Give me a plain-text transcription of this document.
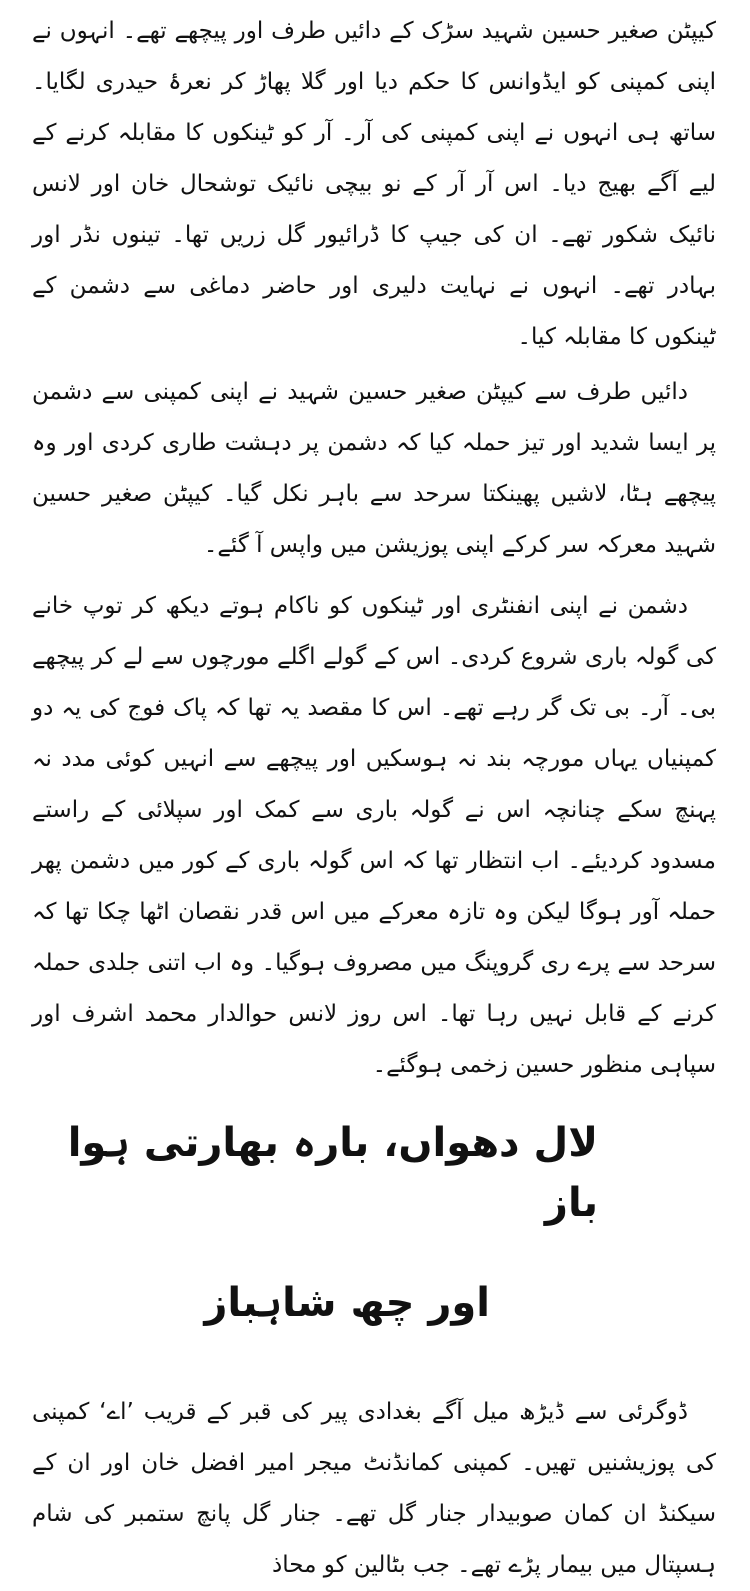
کیپٹن صغیر حسین شہید سڑک کے دائیں طرف اور پیچھے تھے۔ انہوں نے اپنی کمپنی کو ایڈوانس کا حکم دیا اور گلا پھاڑ کر نعرۂ حیدری لگایا۔ ساتھ ہی انہوں نے اپنی کمپنی کی آر۔ آر کو ٹینکوں کا مقابلہ کرنے کے لیے آگے بھیج دیا۔ اس آر آر کے نو بیچی نائیک توشحال خان اور لانس نائیک شکور تھے۔ ان کی جیپ کا ڈرائیور گل زریں تھا۔ تینوں نڈر اور بہادر تھے۔ انہوں نے نہایت دلیری اور حاضر دماغی سے دشمن کے ٹینکوں کا مقابلہ کیا۔

دائیں طرف سے کیپٹن صغیر حسین شہید نے اپنی کمپنی سے دشمن پر ایسا شدید اور تیز حملہ کیا کہ دشمن پر دہشت طاری کردی اور وہ پیچھے ہٹا، لاشیں پھینکتا سرحد سے باہر نکل گیا۔ کیپٹن صغیر حسین شہید معرکہ سر کرکے اپنی پوزیشن میں واپس آ گئے۔

دشمن نے اپنی انفنٹری اور ٹینکوں کو ناکام ہوتے دیکھ کر توپ خانے کی گولہ باری شروع کردی۔ اس کے گولے اگلے مورچوں سے لے کر پیچھے بی۔ آر۔ بی تک گر رہے تھے۔ اس کا مقصد یہ تھا کہ پاک فوج کی یہ دو کمپنیاں یہاں مورچہ بند نہ ہوسکیں اور پیچھے سے انہیں کوئی مدد نہ پہنچ سکے چنانچہ اس نے گولہ باری سے کمک اور سپلائی کے راستے مسدود کردیئے۔ اب انتظار تھا کہ اس گولہ باری کے کور میں دشمن پھر حملہ آور ہوگا لیکن وہ تازہ معرکے میں اس قدر نقصان اٹھا چکا تھا کہ سرحد سے پرے ری گروپنگ میں مصروف ہوگیا۔ وہ اب اتنی جلدی حملہ کرنے کے قابل نہیں رہا تھا۔ اس روز لانس حوالدار محمد اشرف اور سپاہی منظور حسین زخمی ہوگئے۔

لال دھواں، بارہ بھارتی ہوا باز
اور چھ شاہباز

ڈوگرئی سے ڈیڑھ میل آگے بغدادی پیر کی قبر کے قریب ’اے‘ کمپنی کی پوزیشنیں تھیں۔ کمپنی کمانڈنٹ میجر امیر افضل خان اور ان کے سیکنڈ ان کمان صوبیدار جنار گل تھے۔ جنار گل پانچ ستمبر کی شام ہسپتال میں بیمار پڑے تھے۔ جب بٹالین کو محاذ
